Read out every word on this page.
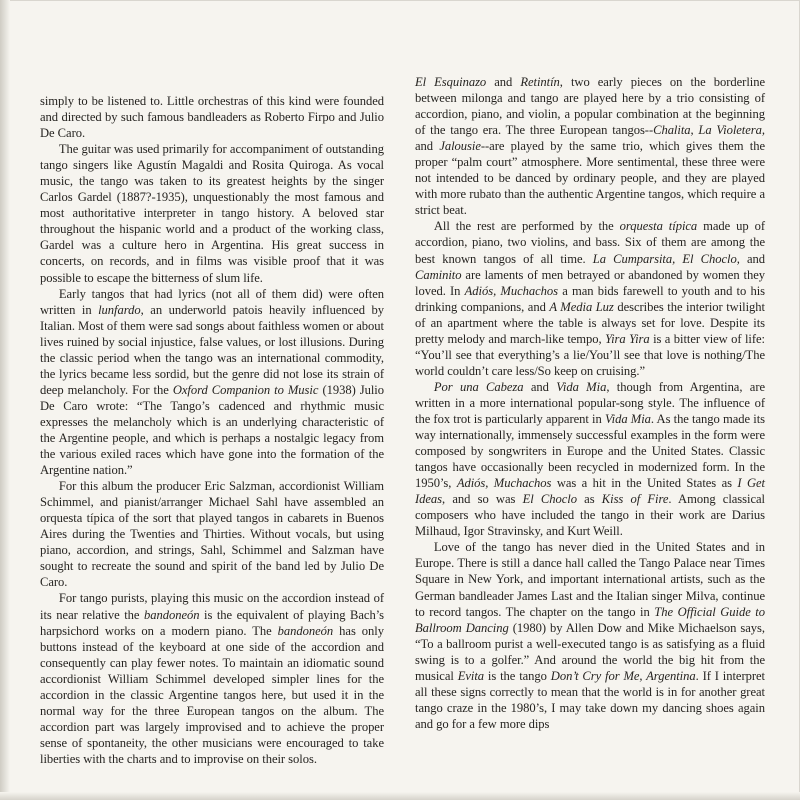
simply to be listened to. Little orchestras of this kind were founded and directed by such famous bandleaders as Roberto Firpo and Julio De Caro.

The guitar was used primarily for accompaniment of outstanding tango singers like Agustín Magaldi and Rosita Quiroga. As vocal music, the tango was taken to its greatest heights by the singer Carlos Gardel (1887?-1935), unquestionably the most famous and most authoritative interpreter in tango history. A beloved star throughout the hispanic world and a product of the working class, Gardel was a culture hero in Argentina. His great success in concerts, on records, and in films was visible proof that it was possible to escape the bitterness of slum life.

Early tangos that had lyrics (not all of them did) were often written in lunfardo, an underworld patois heavily influenced by Italian. Most of them were sad songs about faithless women or about lives ruined by social injustice, false values, or lost illusions. During the classic period when the tango was an international commodity, the lyrics became less sordid, but the genre did not lose its strain of deep melancholy. For the Oxford Companion to Music (1938) Julio De Caro wrote: “The Tango’s cadenced and rhythmic music expresses the melancholy which is an underlying characteristic of the Argentine people, and which is perhaps a nostalgic legacy from the various exiled races which have gone into the formation of the Argentine nation.”

For this album the producer Eric Salzman, accordionist William Schimmel, and pianist/arranger Michael Sahl have assembled an orquesta típica of the sort that played tangos in cabarets in Buenos Aires during the Twenties and Thirties. Without vocals, but using piano, accordion, and strings, Sahl, Schimmel and Salzman have sought to recreate the sound and spirit of the band led by Julio De Caro.

For tango purists, playing this music on the accordion instead of its near relative the bandoneón is the equivalent of playing Bach’s harpsichord works on a modern piano. The bandoneón has only buttons instead of the keyboard at one side of the accordion and consequently can play fewer notes. To maintain an idiomatic sound accordionist William Schimmel developed simpler lines for the accordion in the classic Argentine tangos here, but used it in the normal way for the three European tangos on the album. The accordion part was largely improvised and to achieve the proper sense of spontaneity, the other musicians were encouraged to take liberties with the charts and to improvise on their solos.

El Esquinazo and Retintín, two early pieces on the borderline between milonga and tango are played here by a trio consisting of accordion, piano, and violin, a popular combination at the beginning of the tango era. The three European tangos--Chalita, La Violetera, and Jalousie--are played by the same trio, which gives them the proper “palm court” atmosphere. More sentimental, these three were not intended to be danced by ordinary people, and they are played with more rubato than the authentic Argentine tangos, which require a strict beat.

All the rest are performed by the orquesta típica made up of accordion, piano, two violins, and bass. Six of them are among the best known tangos of all time. La Cumparsita, El Choclo, and Caminito are laments of men betrayed or abandoned by women they loved. In Adiós, Muchachos a man bids farewell to youth and to his drinking companions, and A Media Luz describes the interior twilight of an apartment where the table is always set for love. Despite its pretty melody and march-like tempo, Yira Yira is a bitter view of life: “You’ll see that everything’s a lie/You’ll see that love is nothing/The world couldn’t care less/So keep on cruising.”

Por una Cabeza and Vida Mia, though from Argentina, are written in a more international popular-song style. The influence of the fox trot is particularly apparent in Vida Mia. As the tango made its way internationally, immensely successful examples in the form were composed by songwriters in Europe and the United States. Classic tangos have occasionally been recycled in modernized form. In the 1950’s, Adiós, Muchachos was a hit in the United States as I Get Ideas, and so was El Choclo as Kiss of Fire. Among classical composers who have included the tango in their work are Darius Milhaud, Igor Stravinsky, and Kurt Weill.

Love of the tango has never died in the United States and in Europe. There is still a dance hall called the Tango Palace near Times Square in New York, and important international artists, such as the German bandleader James Last and the Italian singer Milva, continue to record tangos. The chapter on the tango in The Official Guide to Ballroom Dancing (1980) by Allen Dow and Mike Michaelson says, “To a ballroom purist a well-executed tango is as satisfying as a fluid swing is to a golfer.” And around the world the big hit from the musical Evita is the tango Don’t Cry for Me, Argentina. If I interpret all these signs correctly to mean that the world is in for another great tango craze in the 1980’s, I may take down my dancing shoes again and go for a few more dips
